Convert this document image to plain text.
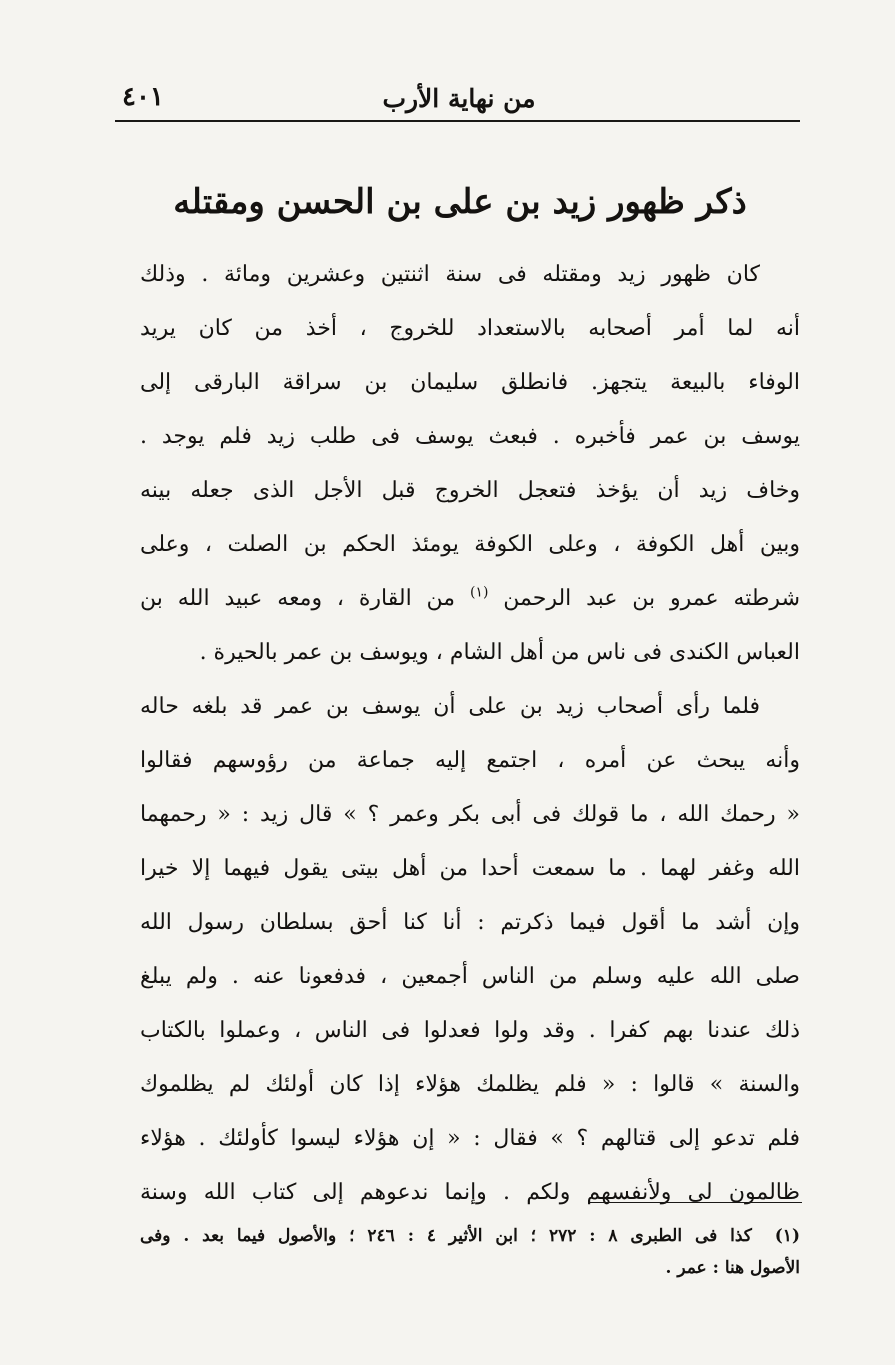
من نهاية الأرب
٤٠١
ذكر ظهور زيد بن على بن الحسن ومقتله
كان ظهور زيد ومقتله فى سنة اثنتين وعشرين ومائة . وذلك
أنه لما أمر أصحابه بالاستعداد للخروج ، أخذ من كان يريد
الوفاء بالبيعة يتجهز. فانطلق سليمان بن سراقة البارقى إلى
يوسف بن عمر فأخبره . فبعث يوسف فى طلب زيد فلم يوجد .
وخاف زيد أن يؤخذ فتعجل الخروج قبل الأجل الذى جعله بينه
وبين أهل الكوفة ، وعلى الكوفة يومئذ الحكم بن الصلت ، وعلى
شرطته عمرو بن عبد الرحمن $^{(١)}$ من القارة ، ومعه عبيد الله بن
العباس الكندى فى ناس من أهل الشام ، ويوسف بن عمر بالحيرة .
فلما رأى أصحاب زيد بن على أن يوسف بن عمر قد بلغه حاله
وأنه يبحث عن أمره ، اجتمع إليه جماعة من رؤوسهم فقالوا
« رحمك الله ، ما قولك فى أبى بكر وعمر ؟ » قال زيد : « رحمهما
الله وغفر لهما . ما سمعت أحدا من أهل بيتى يقول فيهما إلا خيرا
وإن أشد ما أقول فيما ذكرتم : أنا كنا أحق بسلطان رسول الله
صلى الله عليه وسلم من الناس أجمعين ، فدفعونا عنه . ولم يبلغ
ذلك عندنا بهم كفرا . وقد ولوا فعدلوا فى الناس ، وعملوا بالكتاب
والسنة » قالوا : « فلم يظلمك هؤلاء إذا كان أولئك لم يظلموك
فلم تدعو إلى قتالهم ؟ » فقال : « إن هؤلاء ليسوا كأولئك . هؤلاء
ظالمون لى ولأنفسهم ولكم . وإنما ندعوهم إلى كتاب الله وسنة
(١) كذا فى الطبرى ٨ : ٢٧٢ ؛ ابن الأثير ٤ : ٢٤٦ ؛ والأصول فيما بعد . وفى
الأصول هنا : عمر .
